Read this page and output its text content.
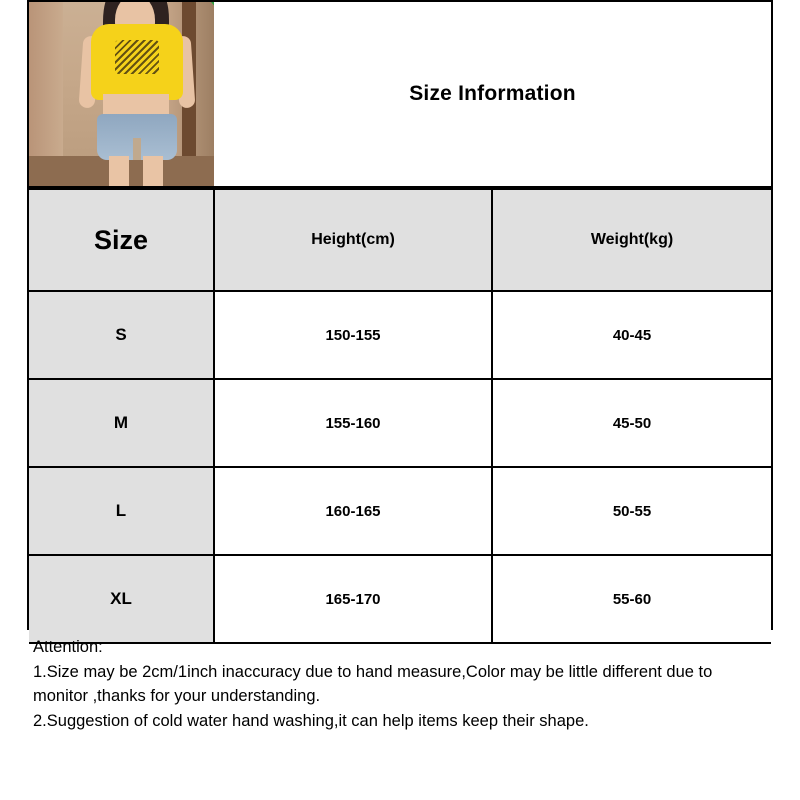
Size Information
Size	Height(cm)	Weight(kg)
S	150-155	40-45
M	155-160	45-50
L	160-165	50-55
XL	165-170	55-60

Attention:

1.Size may be 2cm/1inch inaccuracy due to hand measure,Color may be little different due to monitor ,thanks for your understanding.

2.Suggestion of cold water hand washing,it can help items keep their shape.
